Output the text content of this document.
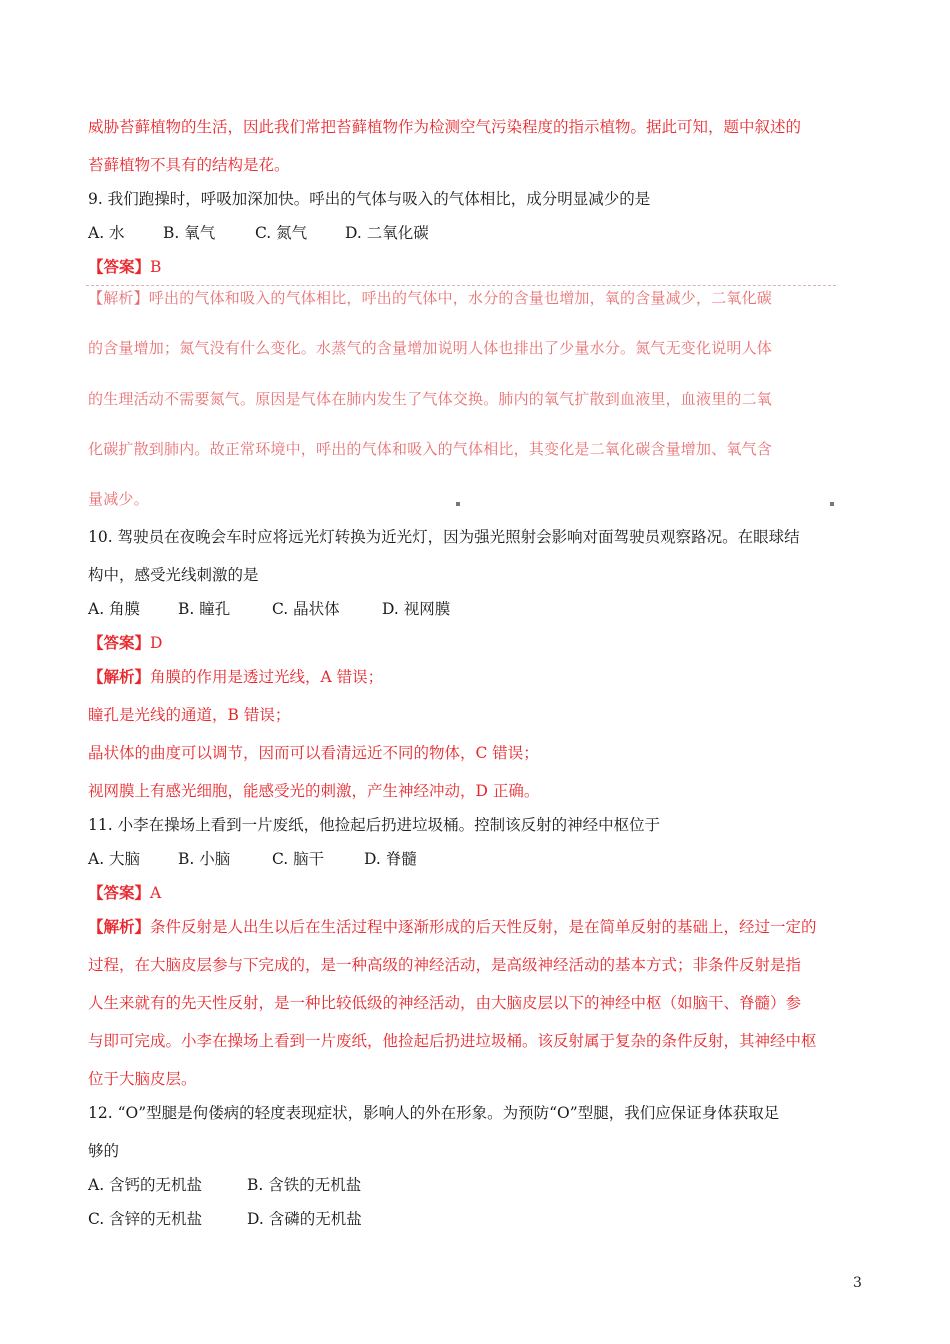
威胁苔藓植物的生活，因此我们常把苔藓植物作为检测空气污染程度的指示植物。据此可知，题中叙述的
苔藓植物不具有的结构是花。
9. 我们跑操时，呼吸加深加快。呼出的气体与吸入的气体相比，成分明显减少的是
A. 水 B. 氧气	C. 氮气 D. 二氧化碳
【答案】B
【解析】呼出的气体和吸入的气体相比，呼出的气体中，水分的含量也增加，氧的含量减少，二氧化碳
的含量增加；氮气没有什么变化。水蒸气的含量增加说明人体也排出了少量水分。氮气无变化说明人体
的生理活动不需要氮气。原因是气体在肺内发生了气体交换。肺内的氧气扩散到血液里，血液里的二氧
化碳扩散到肺内。故正常环境中，呼出的气体和吸入的气体相比，其变化是二氧化碳含量增加、氧气含
量减少。
10. 驾驶员在夜晚会车时应将远光灯转换为近光灯，因为强光照射会影响对面驾驶员观察路况。在眼球结
构中，感受光线刺激的是
A. 角膜 B. 瞳孔	C. 晶状体	D. 视网膜
【答案】D
【解析】角膜的作用是透过光线，A 错误；
瞳孔是光线的通道，B 错误；
晶状体的曲度可以调节，因而可以看清远近不同的物体，C 错误；
视网膜上有感光细胞，能感受光的刺激，产生神经冲动，D 正确。
11. 小李在操场上看到一片废纸，他捡起后扔进垃圾桶。控制该反射的神经中枢位于
A. 大脑 B. 小脑	C. 脑干	D. 脊髓
【答案】A
【解析】条件反射是人出生以后在生活过程中逐渐形成的后天性反射，是在简单反射的基础上，经过一定的
过程，在大脑皮层参与下完成的，是一种高级的神经活动，是高级神经活动的基本方式；非条件反射是指
人生来就有的先天性反射，是一种比较低级的神经活动，由大脑皮层以下的神经中枢（如脑干、脊髓）参
与即可完成。小李在操场上看到一片废纸，他捡起后扔进垃圾桶。该反射属于复杂的条件反射，其神经中枢
位于大脑皮层。
12. “O”型腿是佝偻病的轻度表现症状，影响人的外在形象。为预防“O”型腿，我们应保证身体获取足
够的
A. 含钙的无机盐	B. 含铁的无机盐
C. 含锌的无机盐	D. 含磷的无机盐
3
